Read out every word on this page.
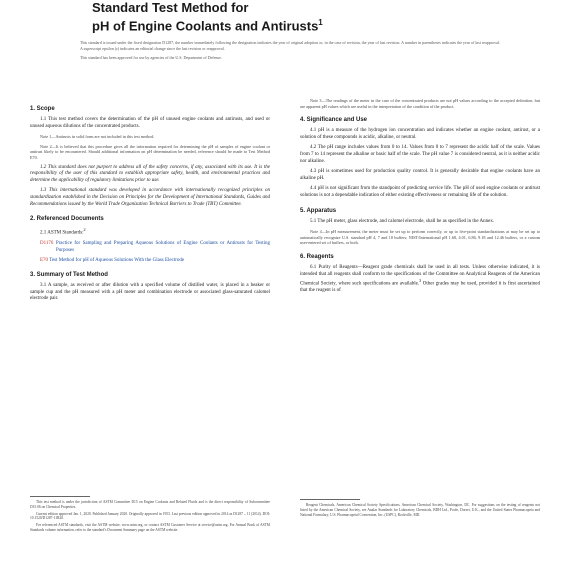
Standard Test Method for
pH of Engine Coolants and Antirusts$^1$

This standard is issued under the fixed designation D1287; the number immediately following the designation indicates the year of original adoption or, in the case of revision, the year of last revision. A number in parentheses indicates the year of last reapproval. A superscript epsilon (ε) indicates an editorial change since the last revision or reapproval.

This standard has been approved for use by agencies of the U.S. Department of Defense.

1. Scope

1.1 This test method covers the determination of the pH of unused engine coolants and antirusts, and used or unused aqueous dilutions of the concentrated products.

Note 1—Antirusts in solid form are not included in this test method.

Note 2—It is believed that this procedure gives all the information required for determining the pH of samples of engine coolant or antirust likely to be encountered. Should additional information on pH determination be needed, reference should be made to Test Method E70.

1.2 This standard does not purport to address all of the safety concerns, if any, associated with its use. It is the responsibility of the user of this standard to establish appropriate safety, health, and environmental practices and determine the applicability of regulatory limitations prior to use.

1.3 This international standard was developed in accordance with internationally recognized principles on standardization established in the Decision on Principles for the Development of International Standards, Guides and Recommendations issued by the World Trade Organization Technical Barriers to Trade (TBT) Committee.

2. Referenced Documents

2.1 ASTM Standards:$^2$

D1176 Practice for Sampling and Preparing Aqueous Solutions of Engine Coolants or Antirusts for Testing Purposes
E70 Test Method for pH of Aqueous Solutions With the Glass Electrode
3. Summary of Test Method

3.1 A sample, as received or after dilution with a specified volume of distilled water, is placed in a beaker or sample cup and the pH measured with a pH meter and combination electrode or associated glass-saturated calomel electrode pair.

Note 3—The readings of the meter in the case of the concentrated products are not pH values according to the accepted definition, but are apparent pH values which are useful in the interpretation of the condition of the product.

4. Significance and Use

4.1 pH is a measure of the hydrogen ion concentration and indicates whether an engine coolant, antirust, or a solution of these compounds is acidic, alkaline, or neutral.

4.2 The pH range includes values from 0 to 14. Values from 0 to 7 represent the acidic half of the scale. Values from 7 to 14 represent the alkaline or basic half of the scale. The pH value 7 is considered neutral, as it is neither acidic nor alkaline.

4.3 pH is sometimes used for production quality control. It is generally desirable that engine coolants have an alkaline pH.

4.4 pH is not significant from the standpoint of predicting service life. The pH of used engine coolants or antirust solutions is not a dependable indication of either existing effectiveness or remaining life of the solution.

5. Apparatus

5.1 The pH meter, glass electrode, and calomel electrode, shall be as specified in the Annex.

Note 4—In pH measurement, the meter must be set up to perform correctly, or up to five-point standardizations at may be set up to automatically recognize U.S. standard pH 4, 7 and 10 buffers; NIST/International pH 1.68, 4.01, 6.86, 9.18 and 12.46 buffers, or a custom user-entered set of buffers, or both.

6. Reagents

6.1 Purity of Reagents—Reagent grade chemicals shall be used in all tests. Unless otherwise indicated, it is intended that all reagents shall conform to the specifications of the Committee on Analytical Reagents of the American Chemical Society, where such specifications are available.$^3$ Other grades may be used, provided it is first ascertained that the reagent is of

This test method is under the jurisdiction of ASTM Committee D15 on Engine Coolants and Related Fluids and is the direct responsibility of Subcommittee D15.06 on Chemical Properties.

Current edition approved Jan. 1, 2020. Published January 2020. Originally approved in 1953. Last previous edition approved in 2014 as D1287 – 11 (2014). DOI: 10.1520/D1287-11R20.

For referenced ASTM standards, visit the ASTM website, www.astm.org, or contact ASTM Customer Service at service@astm.org. For Annual Book of ASTM Standards volume information, refer to the standard's Document Summary page on the ASTM website.

Reagent Chemicals, American Chemical Society Specifications, American Chemical Society, Washington, DC. For suggestions on the testing of reagents not listed by the American Chemical Society, see Analar Standards for Laboratory Chemicals, BDH Ltd., Poole, Dorset, U.K., and the United States Pharmacopeia and National Formulary, U.S. Pharmacopeial Convention, Inc. (USPC), Rockville, MD.
